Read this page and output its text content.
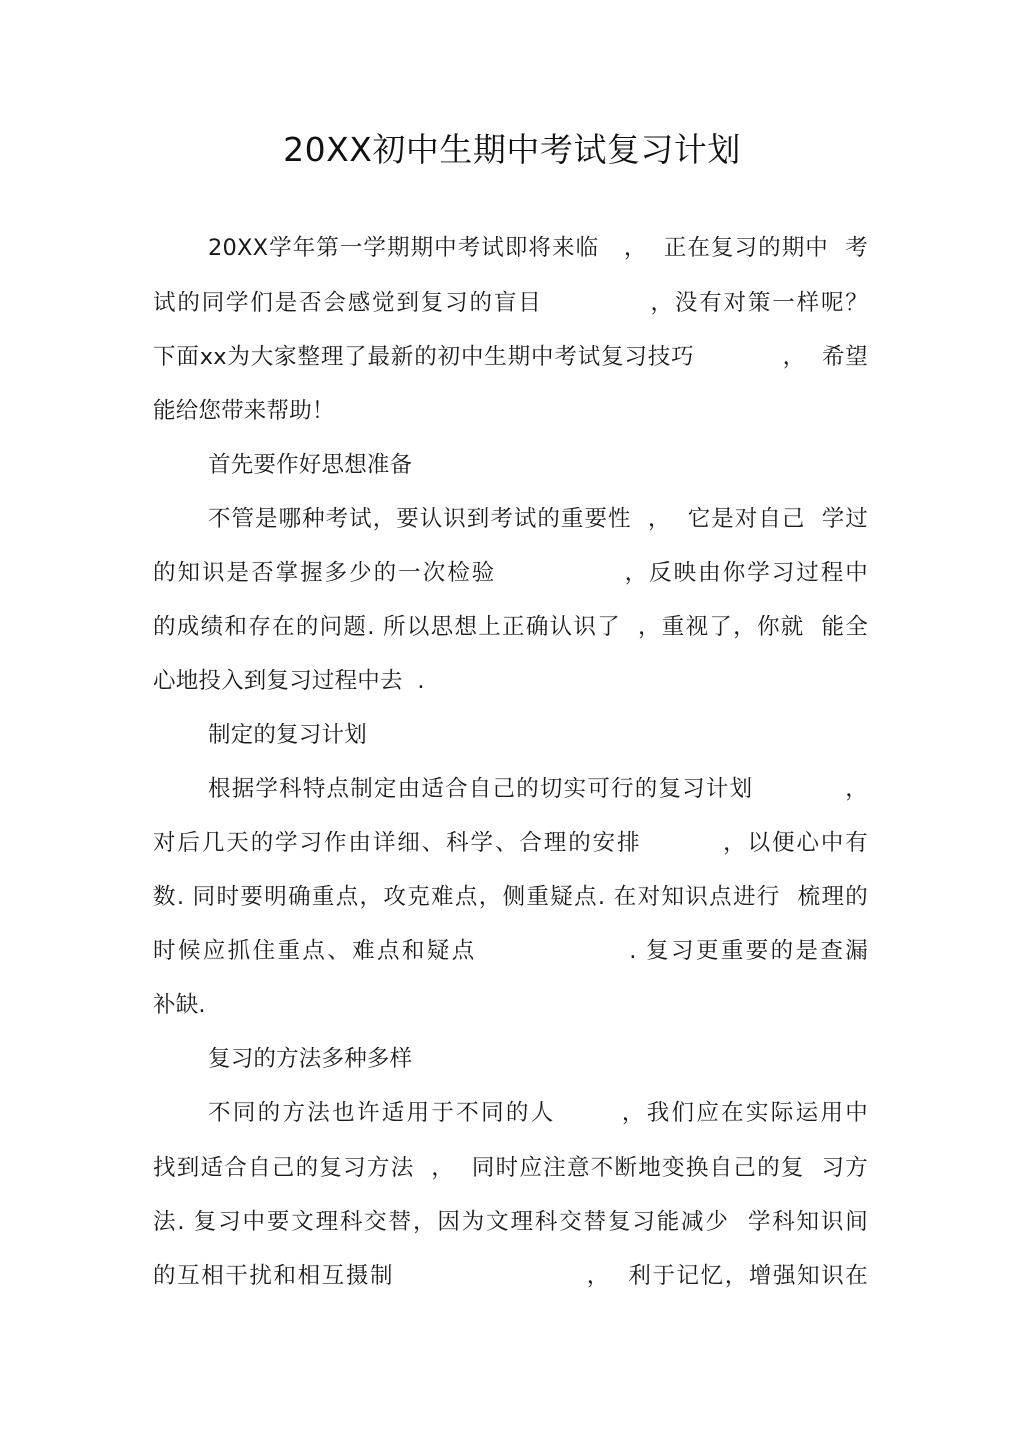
20XX初中生期中考试复习计划
20XX学年第一学期期中考试即将来临   ，  正在复习的期中  考
试的同学们是否会感觉到复习的盲目            ，没有对策一样呢？
下面xx为大家整理了最新的初中生期中考试复习技巧           ，  希望
能给您带来帮助！
首先要作好思想准备
不管是哪种考试，要认识到考试的重要性  ，  它是对自己  学过
的知识是否掌握多少的一次检验              ，反映由你学习过程中
的成绩和存在的问题. 所以思想上正确认识了  ，重视了，你就  能全
心地投入到复习过程中去  .
制定的复习计划
根据学科特点制定由适合自己的切实可行的复习计划           ，
对后几天的学习作由详细、科学、合理的安排         ，以便心中有
数. 同时要明确重点，攻克难点，侧重疑点. 在对知识点进行  梳理的
时候应抓住重点、难点和疑点                . 复习更重要的是查漏
补缺.
复习的方法多种多样
不同的方法也许适用于不同的人       ，我们应在实际运用中
找到适合自己的复习方法  ，  同时应注意不断地变换自己的复  习方
法. 复习中要文理科交替，因为文理科交替复习能减少  学科知识间
的互相干扰和相互摄制                      ，  利于记忆，增强知识在
